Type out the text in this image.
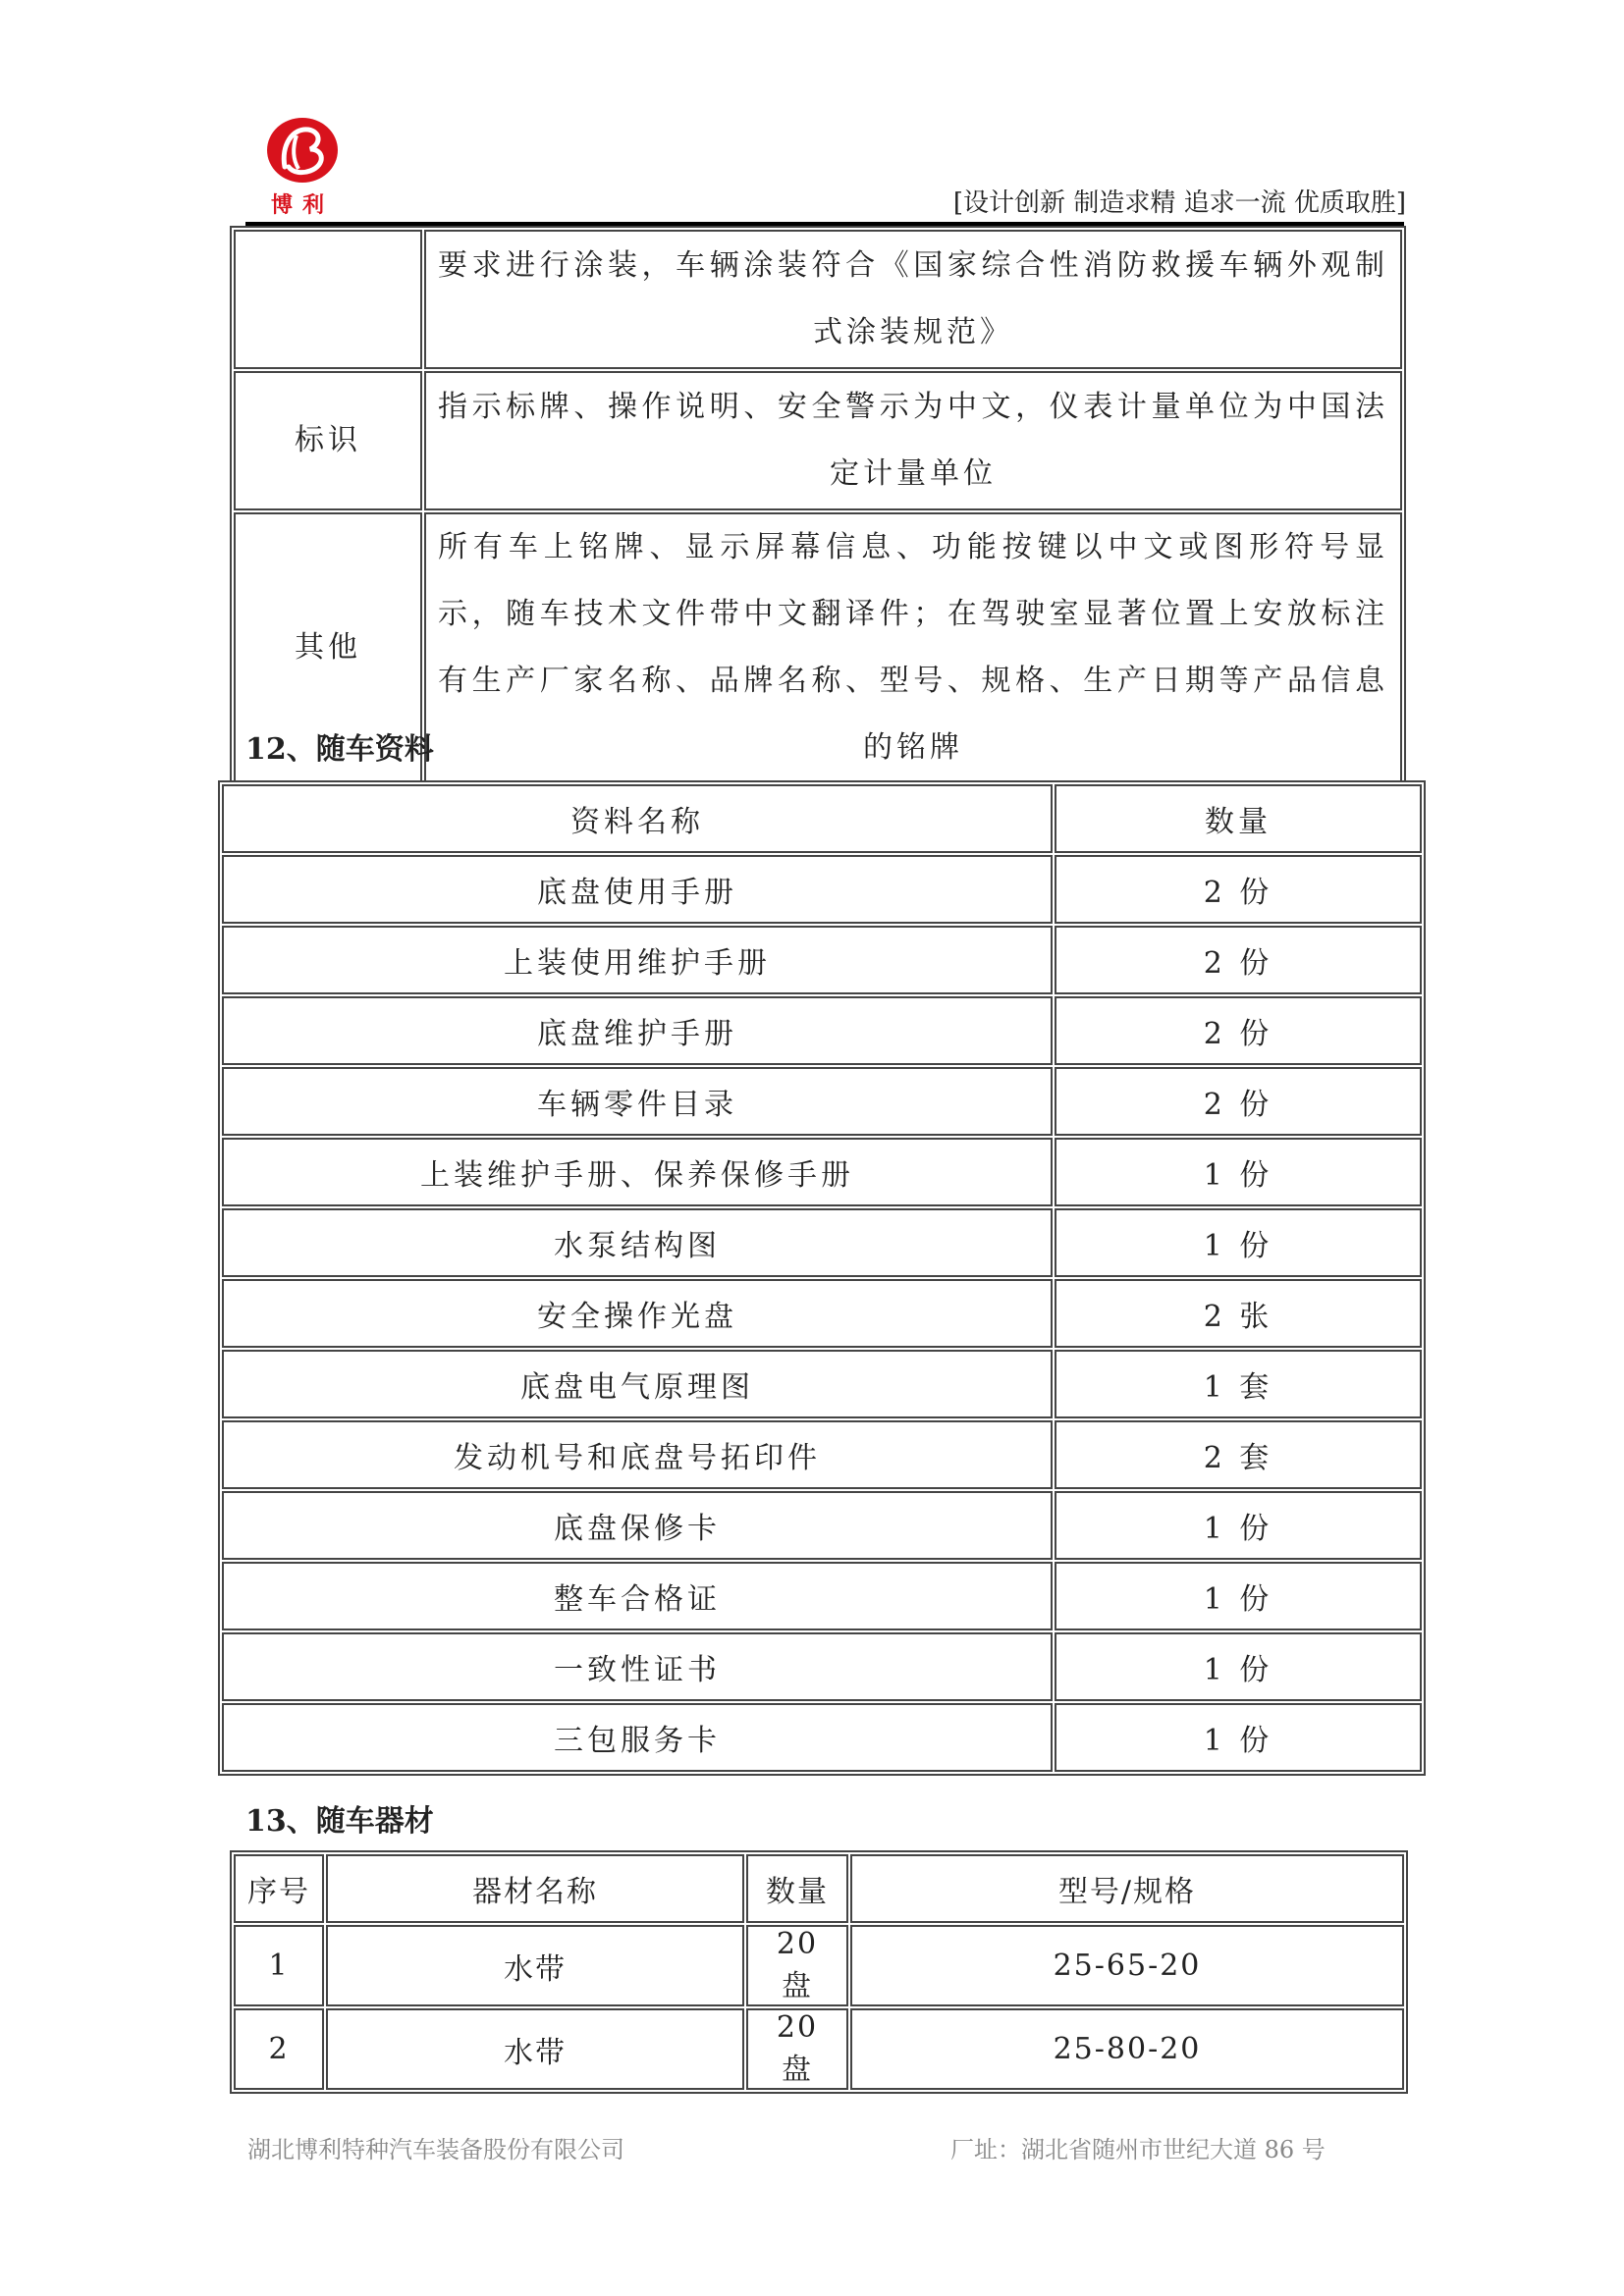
博利	[设计创新 制造求精 追求一流 优质取胜]
	要求进行涂装，车辆涂装符合《国家综合性消防救援车辆外观制式涂装规范》
标识	指示标牌、操作说明、安全警示为中文，仪表计量单位为中国法定计量单位
其他	所有车上铭牌、显示屏幕信息、功能按键以中文或图形符号显示，随车技术文件带中文翻译件；在驾驶室显著位置上安放标注有生产厂家名称、品牌名称、型号、规格、生产日期等产品信息的铭牌
12、随车资料
资料名称	数量
底盘使用手册	2 份
上装使用维护手册	2 份
底盘维护手册	2 份
车辆零件目录	2 份
上装维护手册、保养保修手册	1 份
水泵结构图	1 份
安全操作光盘	2 张
底盘电气原理图	1 套
发动机号和底盘号拓印件	2 套
底盘保修卡	1 份
整车合格证	1 份
一致性证书	1 份
三包服务卡	1 份
13、随车器材
序号	器材名称	数量	型号/规格
1	水带	20 盘	25-65-20
2	水带	20 盘	25-80-20
湖北博利特种汽车装备股份有限公司	厂址：湖北省随州市世纪大道 86 号
